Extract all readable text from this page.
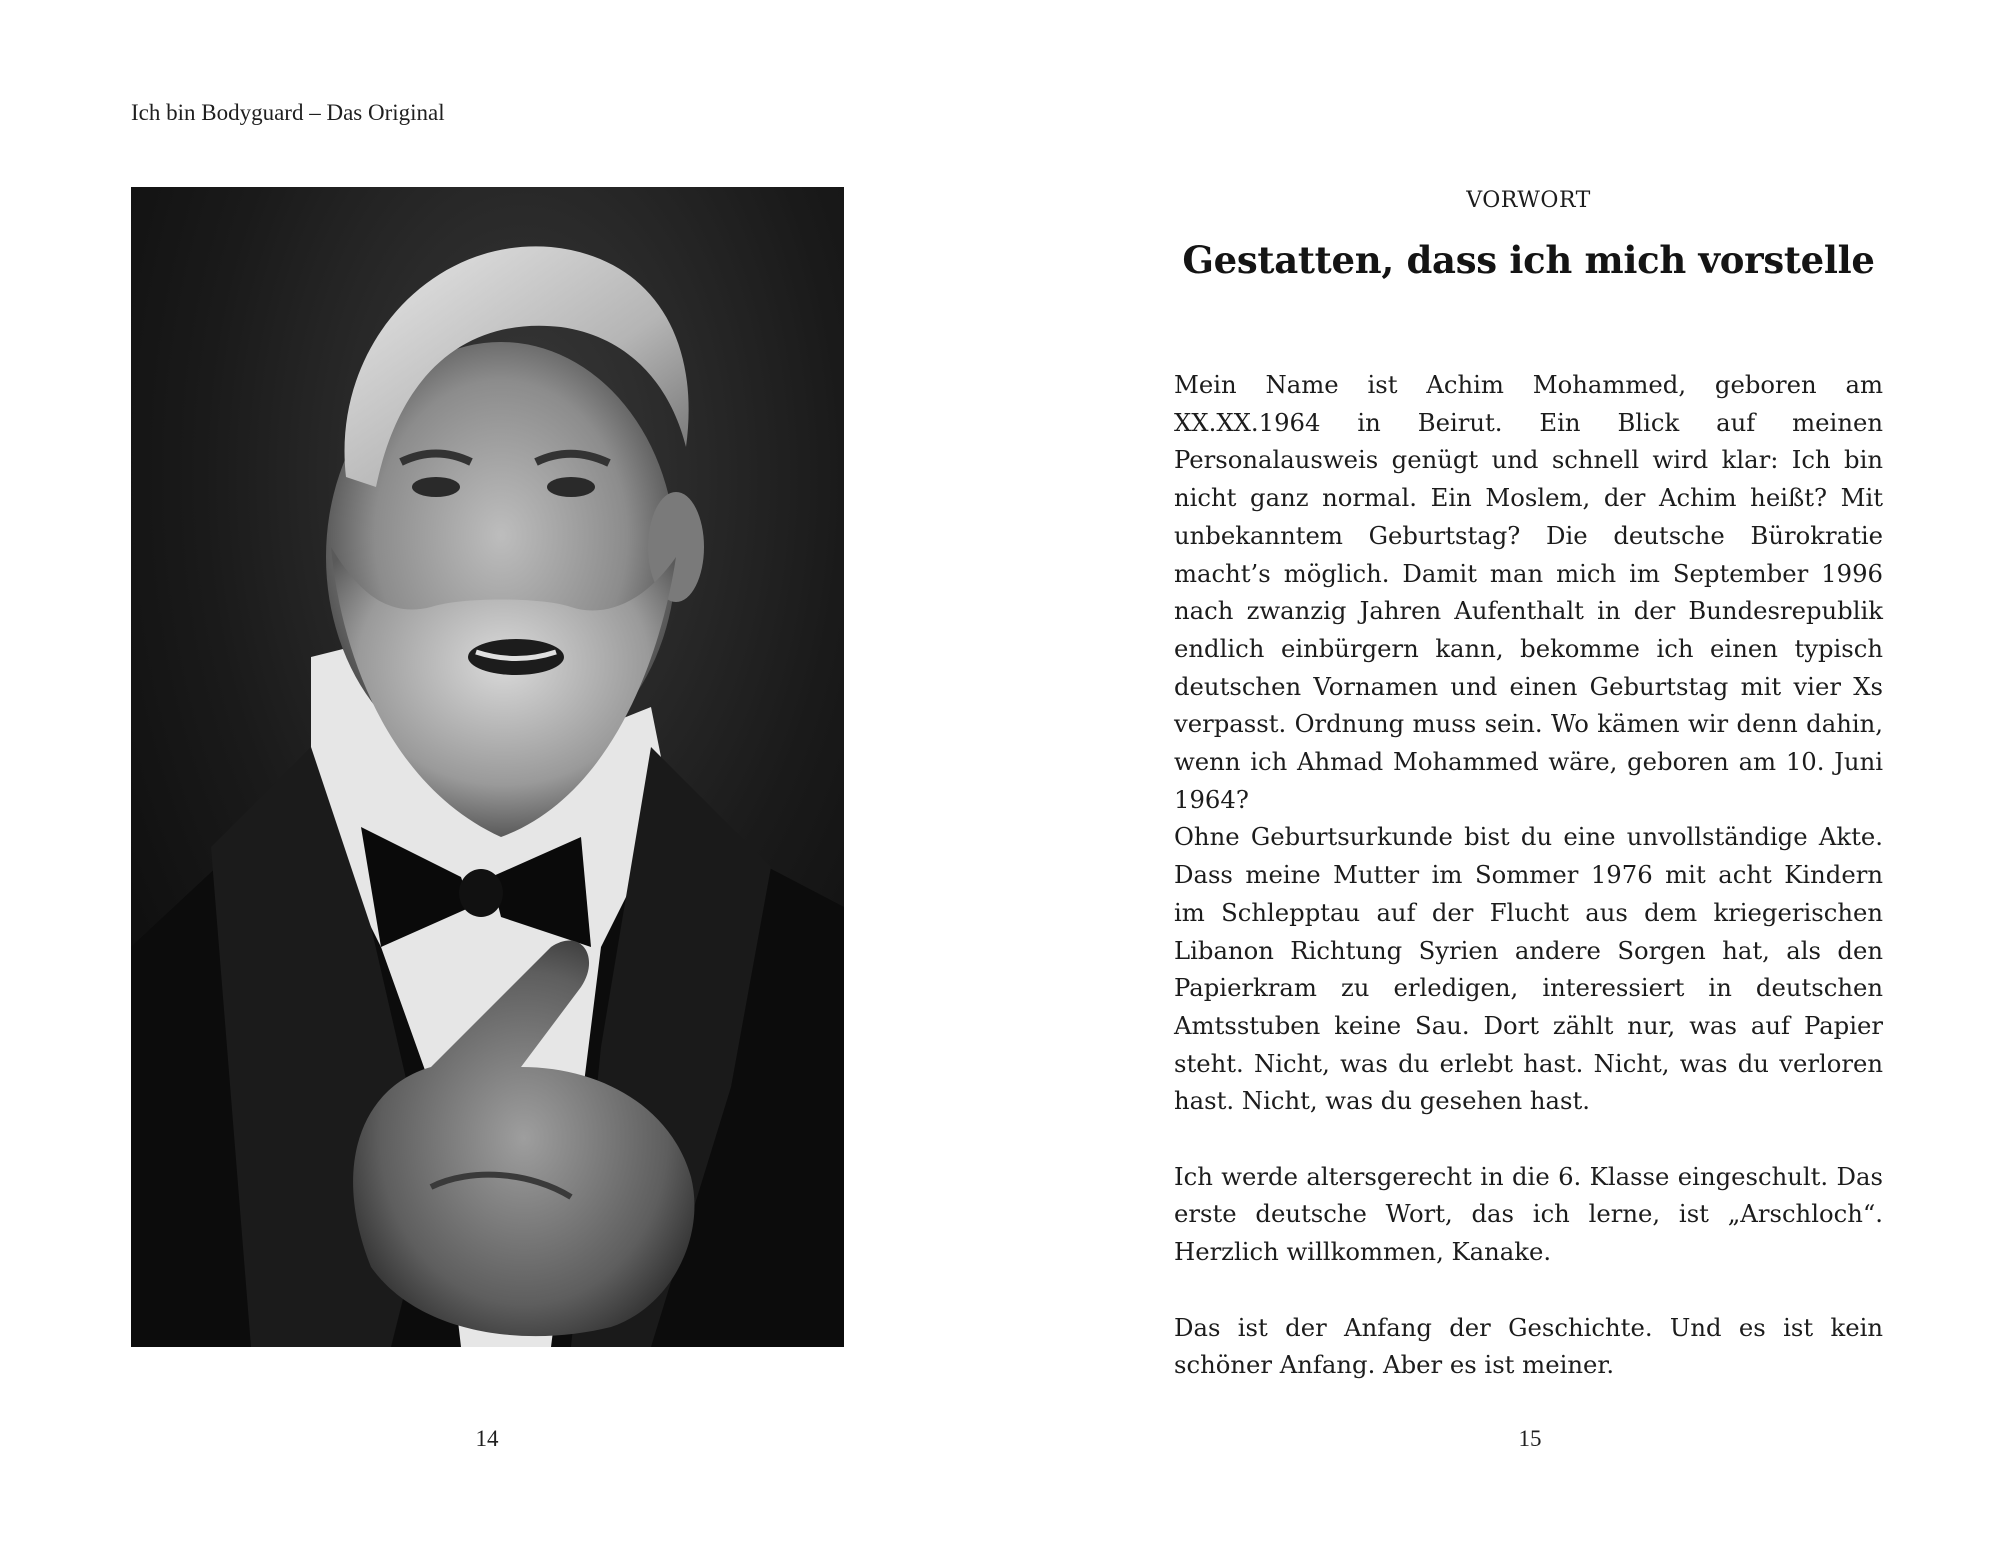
Ich bin Bodyguard – Das Original
14
VORWORT
Gestatten, dass ich mich vorstelle

Mein Name ist Achim Mohammed, geboren am XX.XX.1964 in Beirut. Ein Blick auf meinen Personalausweis genügt und schnell wird klar: Ich bin nicht ganz normal. Ein Moslem, der Achim heißt? Mit unbekanntem Geburtstag? Die deutsche Bürokratie macht’s möglich. Damit man mich im September 1996 nach zwanzig Jahren Aufenthalt in der Bundesrepublik endlich einbürgern kann, bekomme ich einen typisch deutschen Vornamen und einen Geburtstag mit vier Xs verpasst. Ordnung muss sein. Wo kämen wir denn dahin, wenn ich Ahmad Mohammed wäre, geboren am 10. Juni 1964?

Ohne Geburtsurkunde bist du eine unvollständige Akte. Dass meine Mutter im Sommer 1976 mit acht Kindern im Schlepptau auf der Flucht aus dem kriegerischen Libanon Richtung Syrien andere Sorgen hat, als den Papierkram zu erledigen, interessiert in deutschen Amtsstuben keine Sau. Dort zählt nur, was auf Papier steht. Nicht, was du erlebt hast. Nicht, was du verloren hast. Nicht, was du gesehen hast.

Ich werde altersgerecht in die 6. Klasse eingeschult. Das erste deutsche Wort, das ich lerne, ist „Arschloch“. Herzlich willkommen, Kanake.

Das ist der Anfang der Geschichte. Und es ist kein schöner Anfang. Aber es ist meiner.

15
